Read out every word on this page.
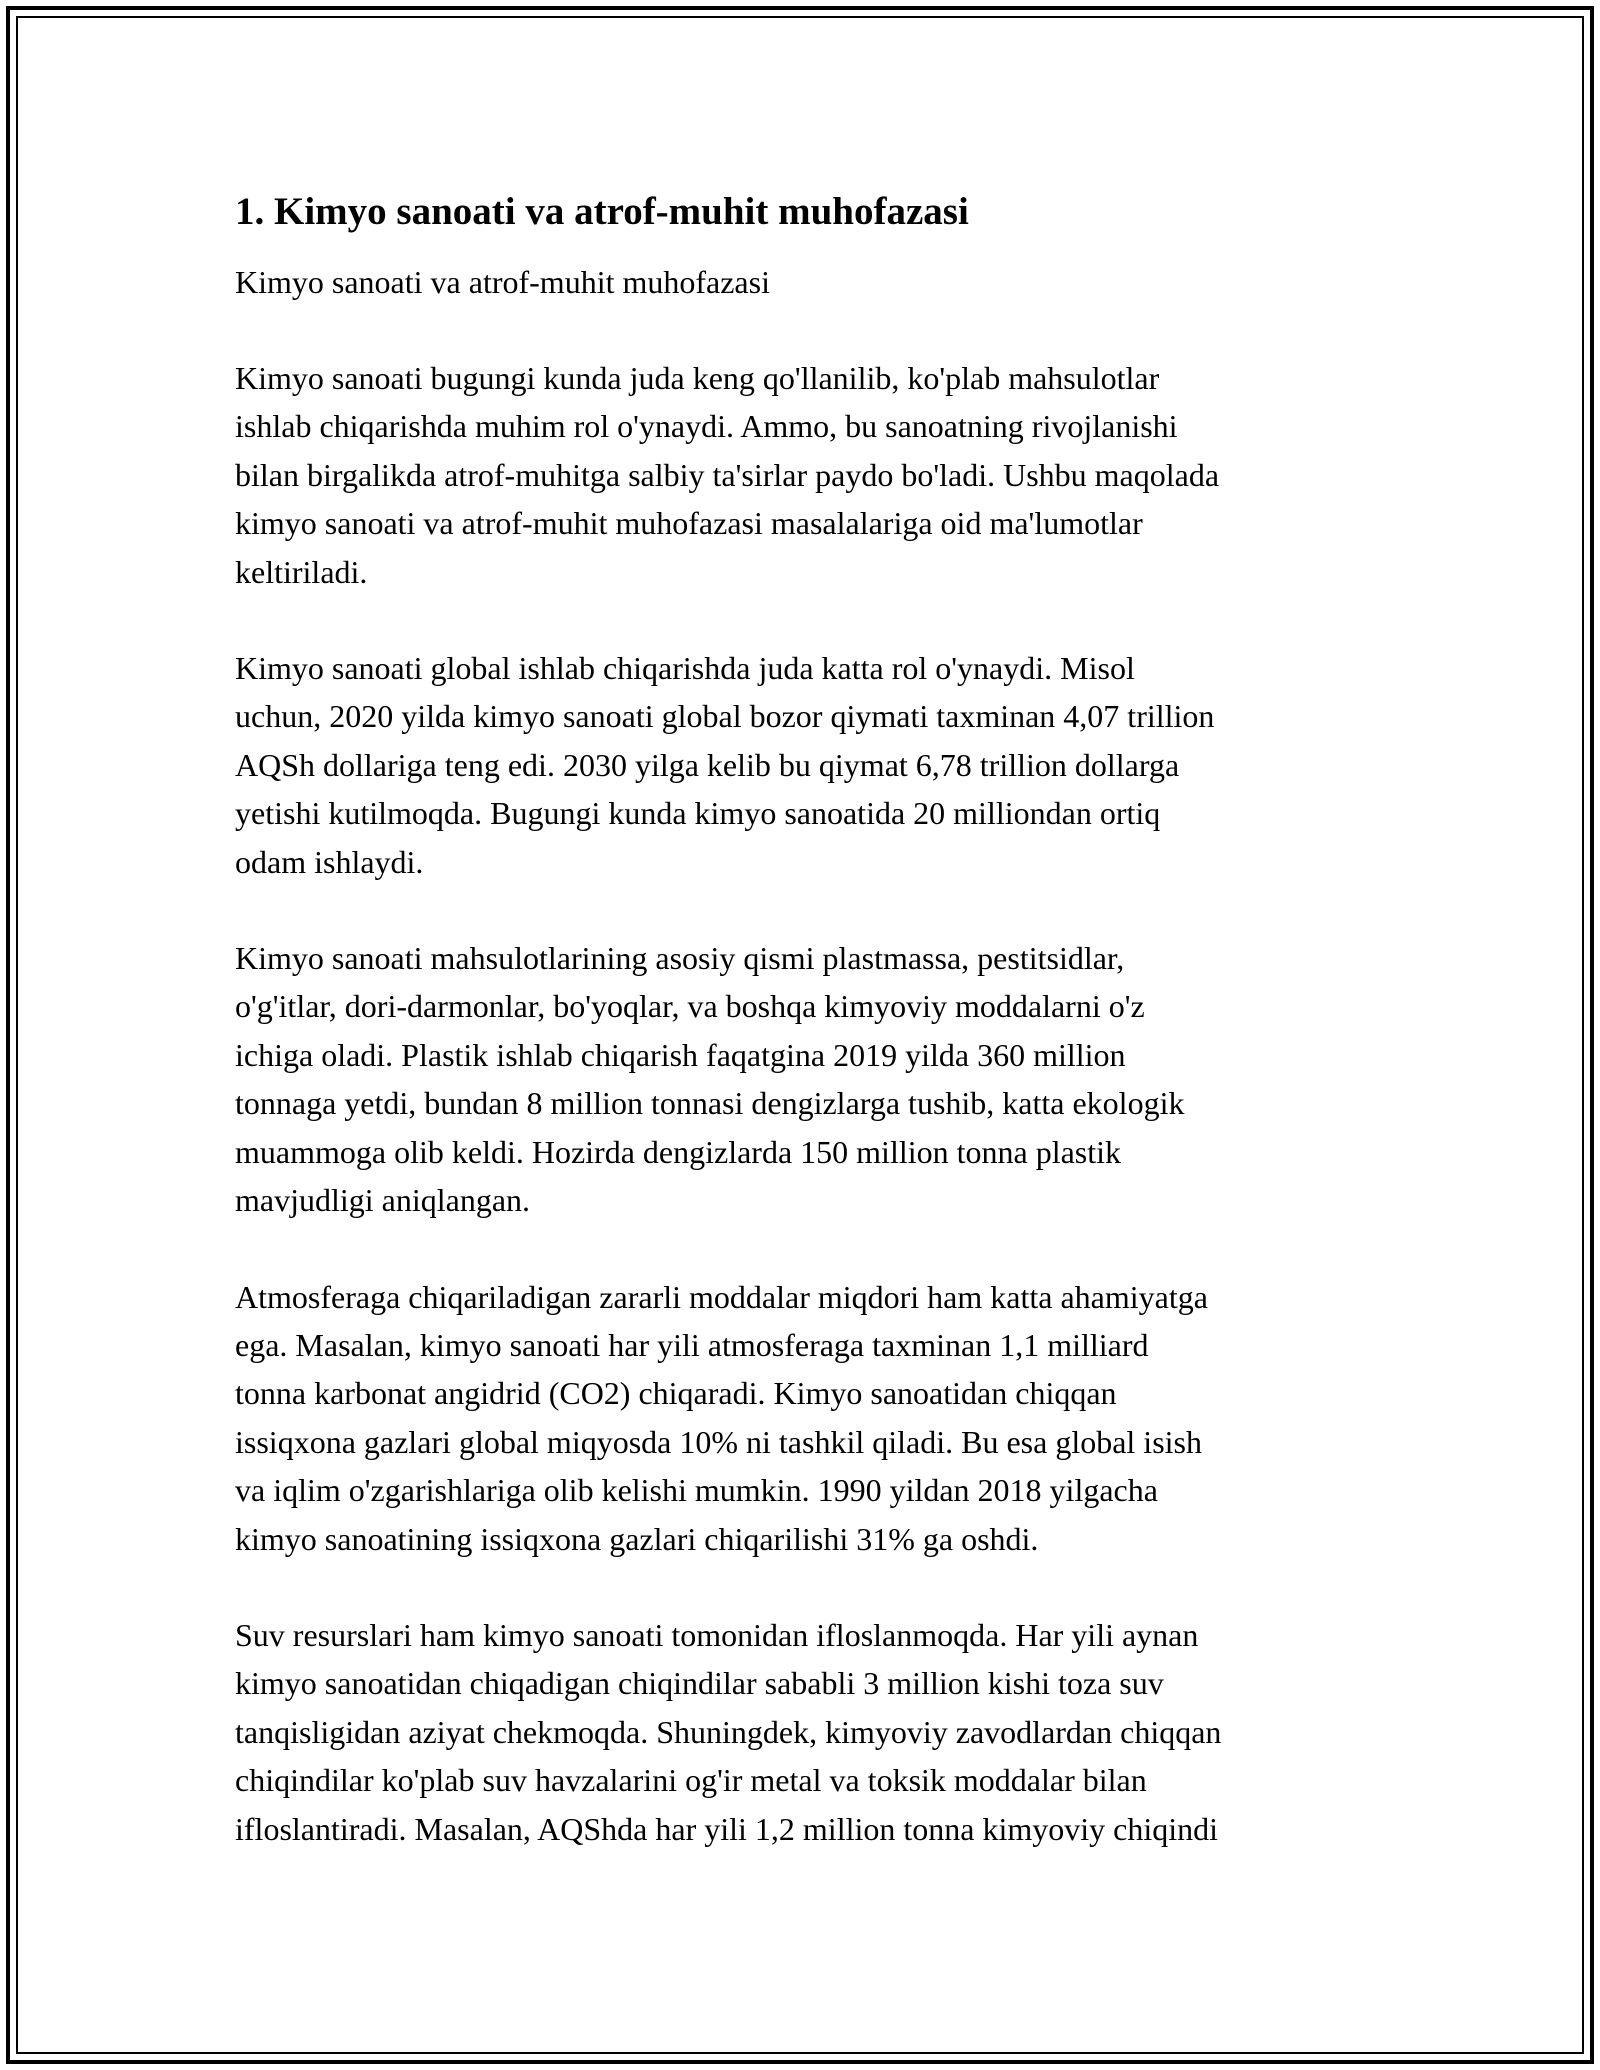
1. Kimyo sanoati va atrof-muhit muhofazasi

Kimyo sanoati va atrof-muhit muhofazasi

Kimyo sanoati bugungi kunda juda keng qo'llanilib, ko'plab mahsulotlar
ishlab chiqarishda muhim rol o'ynaydi. Ammo, bu sanoatning rivojlanishi
bilan birgalikda atrof-muhitga salbiy ta'sirlar paydo bo'ladi. Ushbu maqolada
kimyo sanoati va atrof-muhit muhofazasi masalalariga oid ma'lumotlar
keltiriladi.

Kimyo sanoati global ishlab chiqarishda juda katta rol o'ynaydi. Misol
uchun, 2020 yilda kimyo sanoati global bozor qiymati taxminan 4,07 trillion
AQSh dollariga teng edi. 2030 yilga kelib bu qiymat 6,78 trillion dollarga
yetishi kutilmoqda. Bugungi kunda kimyo sanoatida 20 milliondan ortiq
odam ishlaydi.

Kimyo sanoati mahsulotlarining asosiy qismi plastmassa, pestitsidlar,
o'g'itlar, dori-darmonlar, bo'yoqlar, va boshqa kimyoviy moddalarni o'z
ichiga oladi. Plastik ishlab chiqarish faqatgina 2019 yilda 360 million
tonnaga yetdi, bundan 8 million tonnasi dengizlarga tushib, katta ekologik
muammoga olib keldi. Hozirda dengizlarda 150 million tonna plastik
mavjudligi aniqlangan.

Atmosferaga chiqariladigan zararli moddalar miqdori ham katta ahamiyatga
ega. Masalan, kimyo sanoati har yili atmosferaga taxminan 1,1 milliard
tonna karbonat angidrid (CO2) chiqaradi. Kimyo sanoatidan chiqqan
issiqxona gazlari global miqyosda 10% ni tashkil qiladi. Bu esa global isish
va iqlim o'zgarishlariga olib kelishi mumkin. 1990 yildan 2018 yilgacha
kimyo sanoatining issiqxona gazlari chiqarilishi 31% ga oshdi.

Suv resurslari ham kimyo sanoati tomonidan ifloslanmoqda. Har yili aynan
kimyo sanoatidan chiqadigan chiqindilar sababli 3 million kishi toza suv
tanqisligidan aziyat chekmoqda. Shuningdek, kimyoviy zavodlardan chiqqan
chiqindilar ko'plab suv havzalarini og'ir metal va toksik moddalar bilan
ifloslantiradi. Masalan, AQShda har yili 1,2 million tonna kimyoviy chiqindi
